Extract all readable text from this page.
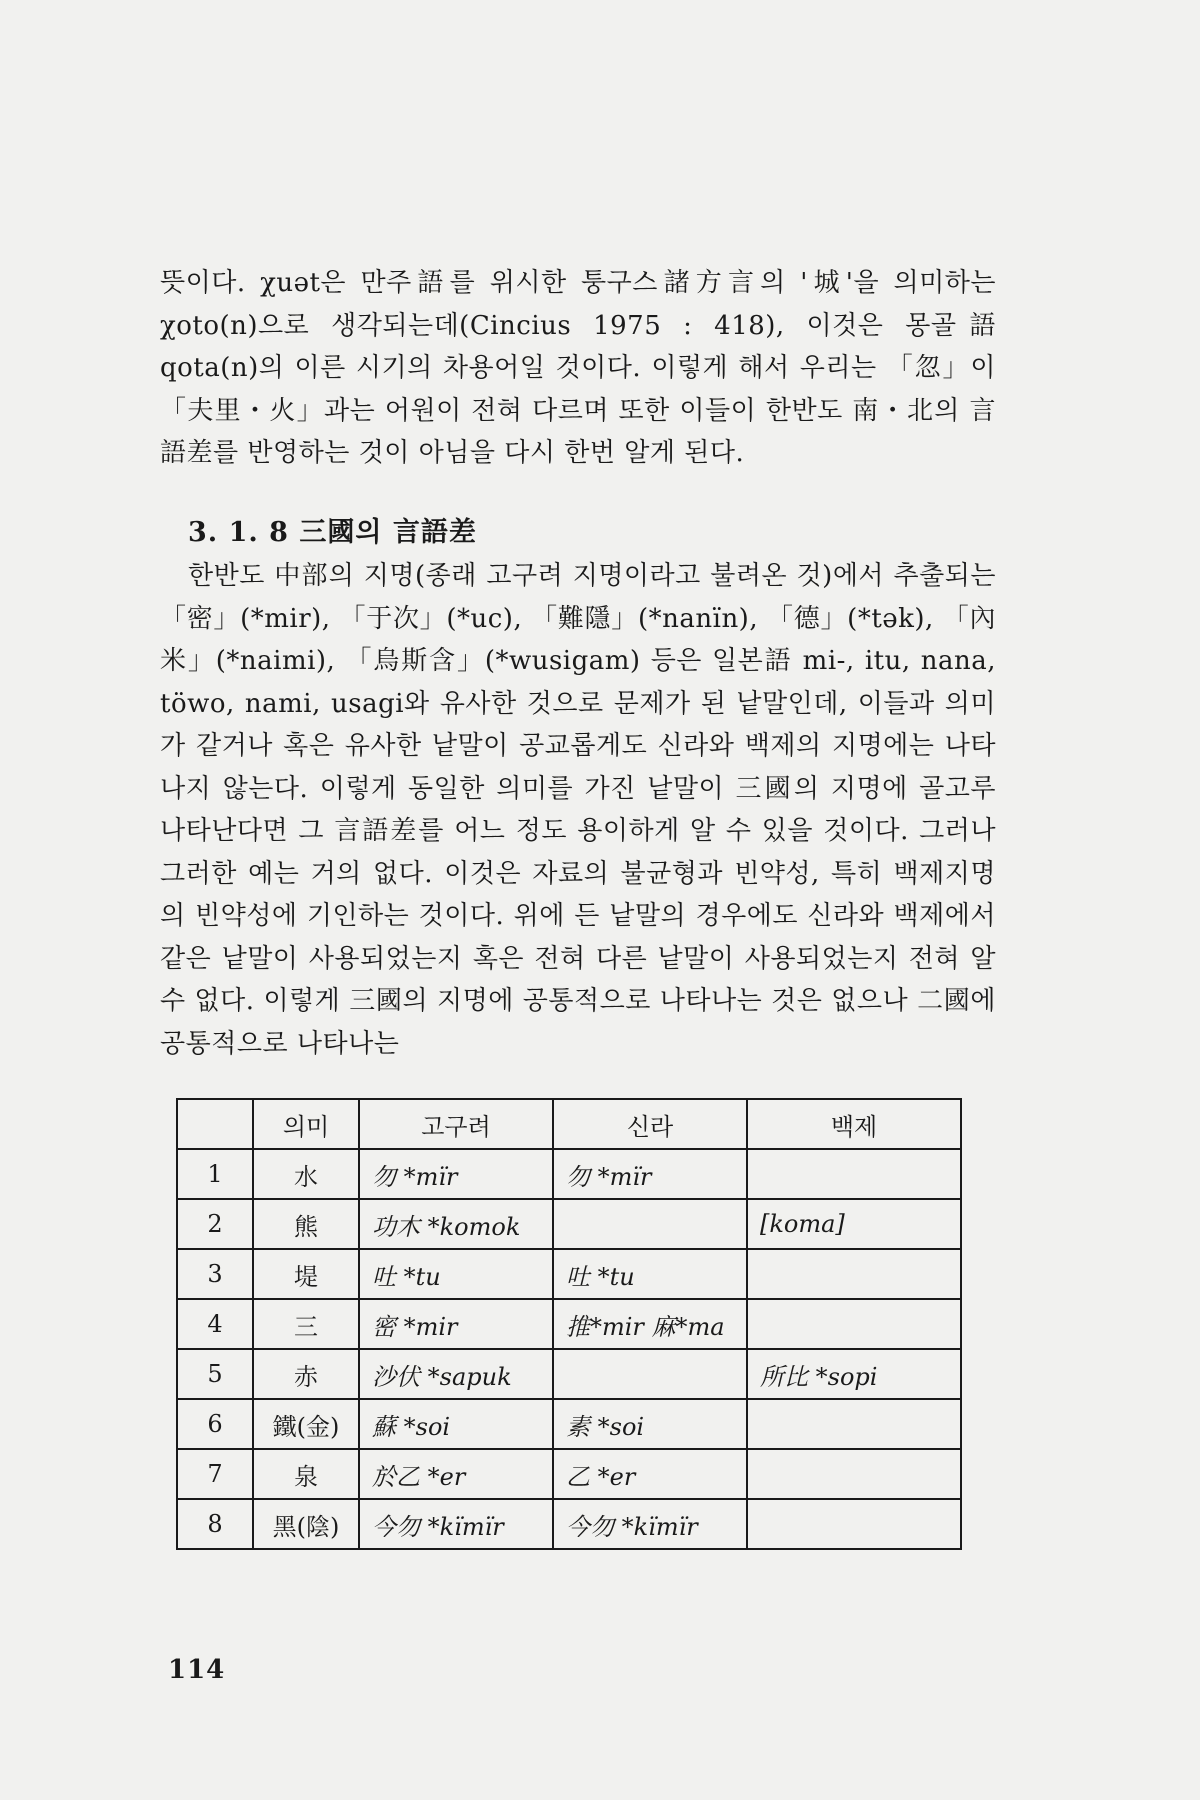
뜻이다. χuət은 만주語를 위시한 퉁구스諸方言의 '城'을 의미하는 χoto(n)으로 생각되는데(Cincius 1975 : 418), 이것은 몽골語 qota(n)의 이른 시기의 차용어일 것이다. 이렇게 해서 우리는 「忽」이 「夫里・火」과는 어원이 전혀 다르며 또한 이들이 한반도 南・北의 言語差를 반영하는 것이 아님을 다시 한번 알게 된다.

3. 1. 8 三國의 言語差

한반도 中部의 지명(종래 고구려 지명이라고 불려온 것)에서 추출되는 「密」(*mir), 「于次」(*uc), 「難隱」(*nanïn), 「德」(*tək), 「內米」(*naimi), 「烏斯含」(*wusigam) 등은 일본語 mi-, itu, nana, töwo, nami, usagi와 유사한 것으로 문제가 된 낱말인데, 이들과 의미가 같거나 혹은 유사한 낱말이 공교롭게도 신라와 백제의 지명에는 나타나지 않는다. 이렇게 동일한 의미를 가진 낱말이 三國의 지명에 골고루 나타난다면 그 言語差를 어느 정도 용이하게 알 수 있을 것이다. 그러나 그러한 예는 거의 없다. 이것은 자료의 불균형과 빈약성, 특히 백제지명의 빈약성에 기인하는 것이다. 위에 든 낱말의 경우에도 신라와 백제에서 같은 낱말이 사용되었는지 혹은 전혀 다른 낱말이 사용되었는지 전혀 알 수 없다. 이렇게 三國의 지명에 공통적으로 나타나는 것은 없으나 二國에 공통적으로 나타나는

	의미	고구려	신라	백제
1	水	勿 *mïr	勿 *mïr	
2	熊	功木 *komok		[koma]
3	堤	吐 *tu	吐 *tu	
4	三	密 *mir	推*mir 麻*ma	
5	赤	沙伏 *sapuk		所比 *sopi
6	鐵(金)	蘇 *soi	素 *soi	
7	泉	於乙 *er	乙 *er	
8	黑(陰)	今勿 *kïmïr	今勿 *kïmïr	
114
